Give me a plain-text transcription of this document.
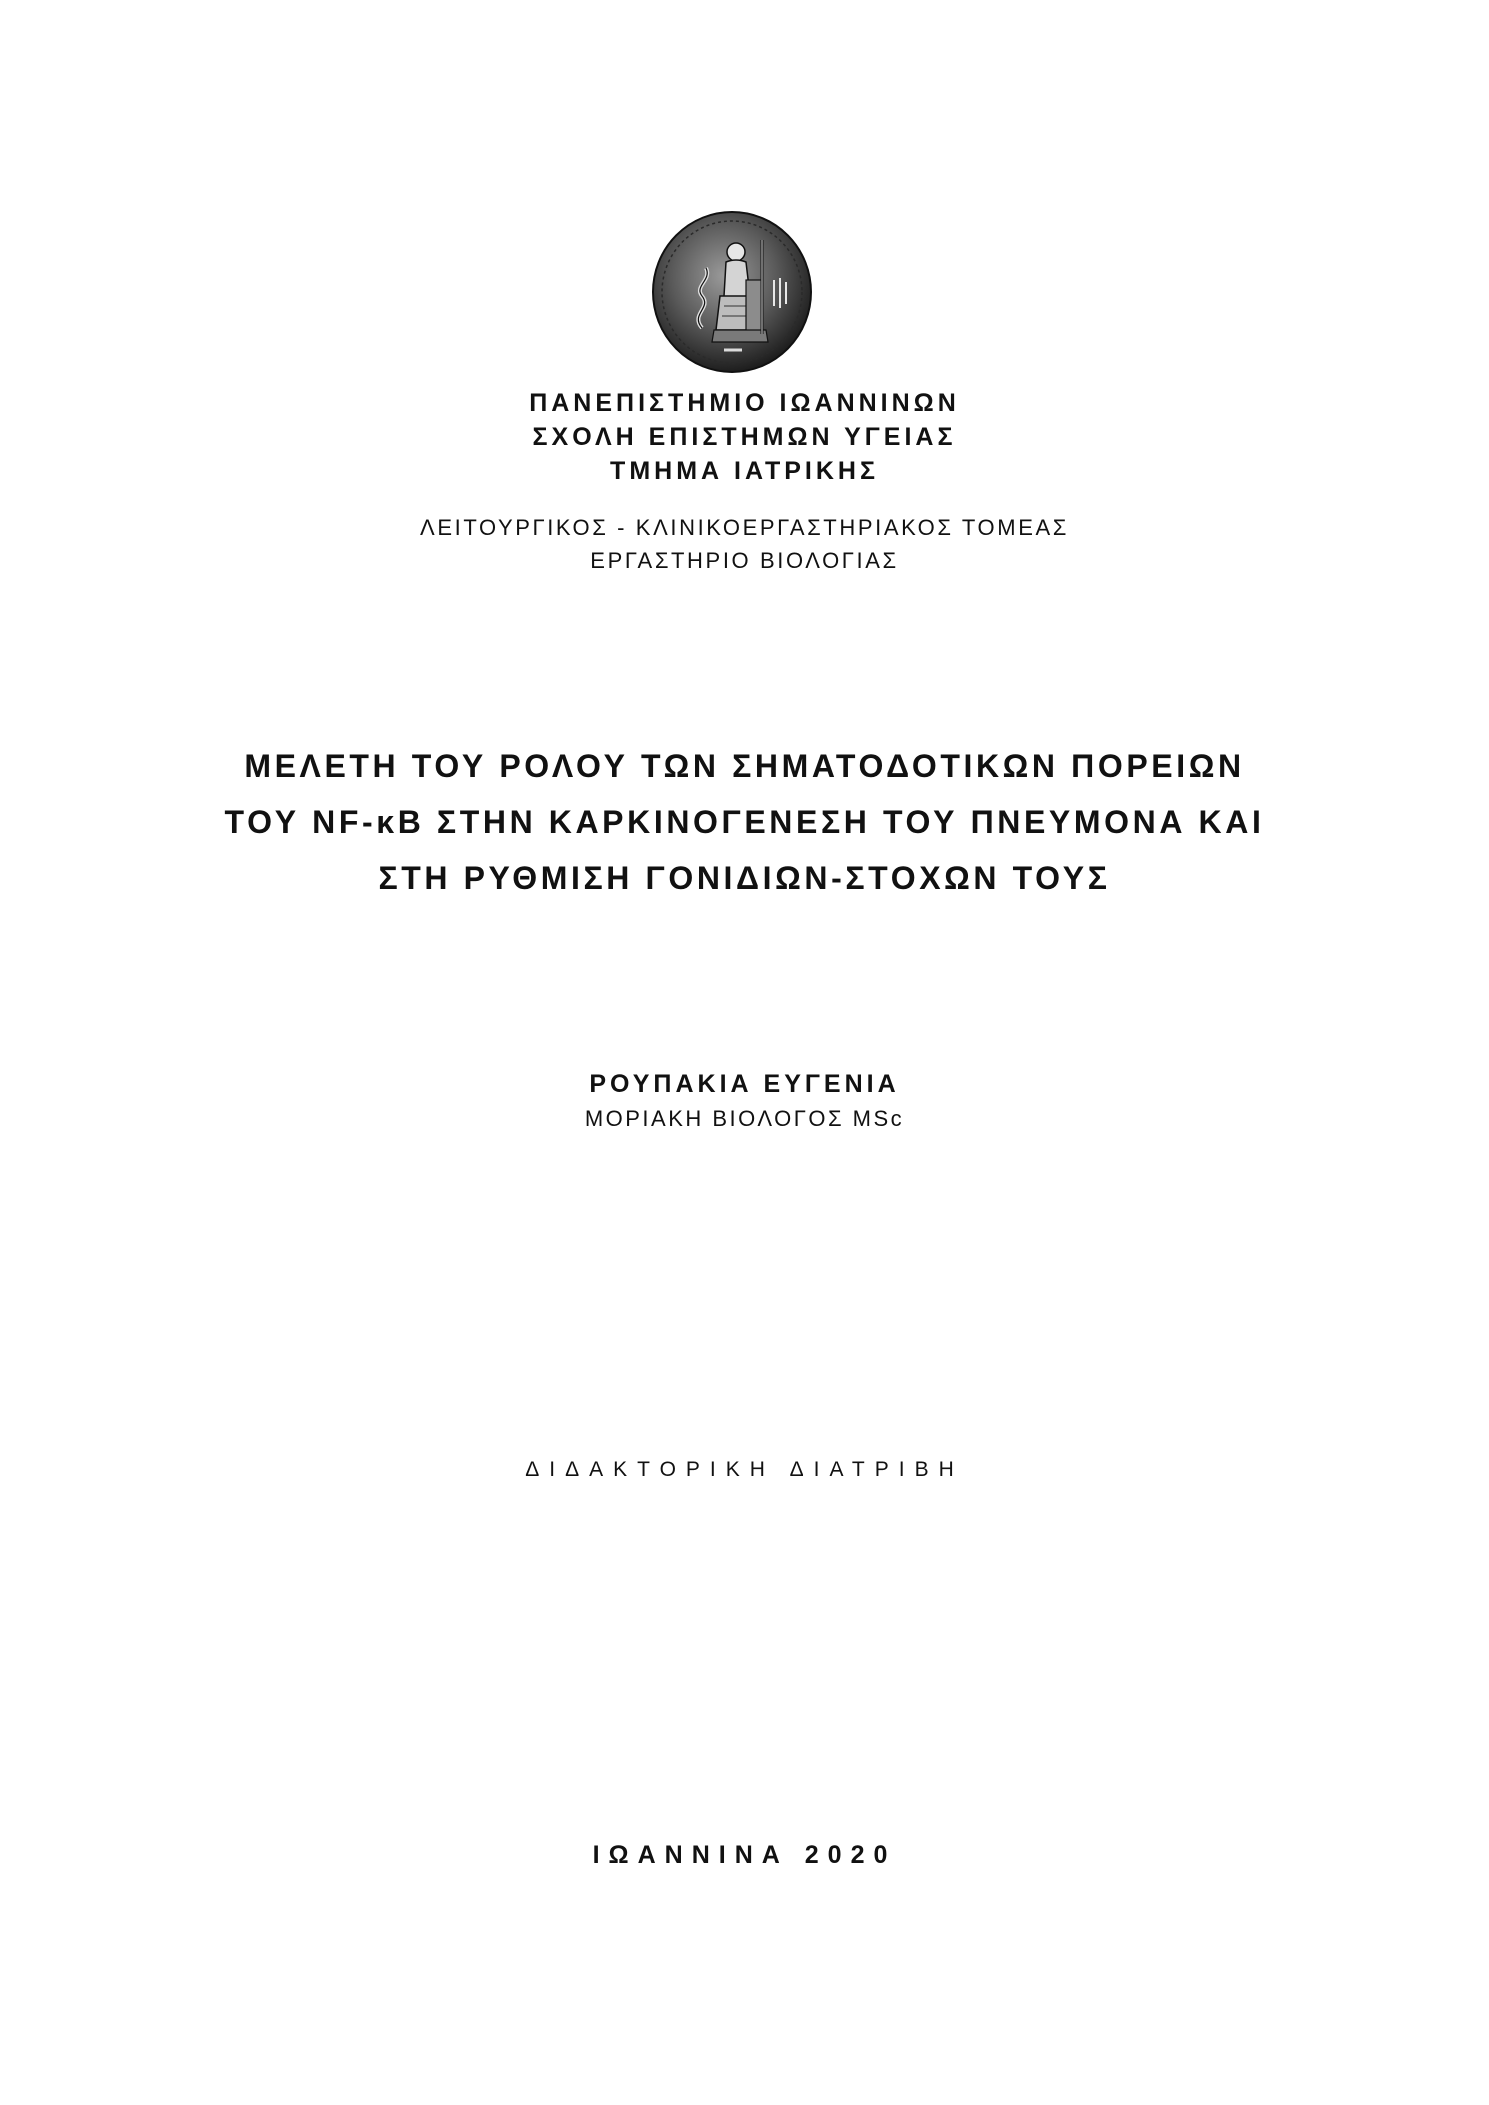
ΠΑΝΕΠΙΣΤΗΜΙΟ ΙΩΑΝΝΙΝΩΝ

ΣΧΟΛΗ ΕΠΙΣΤΗΜΩΝ ΥΓΕΙΑΣ

ΤΜΗΜΑ ΙΑΤΡΙΚΗΣ

ΛΕΙΤΟΥΡΓΙΚΟΣ - ΚΛΙΝΙΚΟΕΡΓΑΣΤΗΡΙΑΚΟΣ ΤΟΜΕΑΣ

ΕΡΓΑΣΤΗΡΙΟ ΒΙΟΛΟΓΙΑΣ

ΜΕΛΕΤΗ ΤΟΥ ΡΟΛΟΥ ΤΩΝ ΣΗΜΑΤΟΔΟΤΙΚΩΝ ΠΟΡΕΙΩΝ

ΤΟΥ NF-κB ΣΤΗΝ ΚΑΡΚΙΝΟΓΕΝΕΣΗ ΤΟΥ ΠΝΕΥΜΟΝΑ ΚΑΙ

ΣΤΗ ΡΥΘΜΙΣΗ ΓΟΝΙΔΙΩΝ-ΣΤΟΧΩΝ ΤΟΥΣ

ΡΟΥΠΑΚΙΑ ΕΥΓΕΝΙΑ

ΜΟΡΙΑΚΗ ΒΙΟΛΟΓΟΣ MSc

ΔΙΔΑΚΤΟΡΙΚΗ ΔΙΑΤΡΙΒΗ

ΙΩΑΝΝΙΝΑ 2020
